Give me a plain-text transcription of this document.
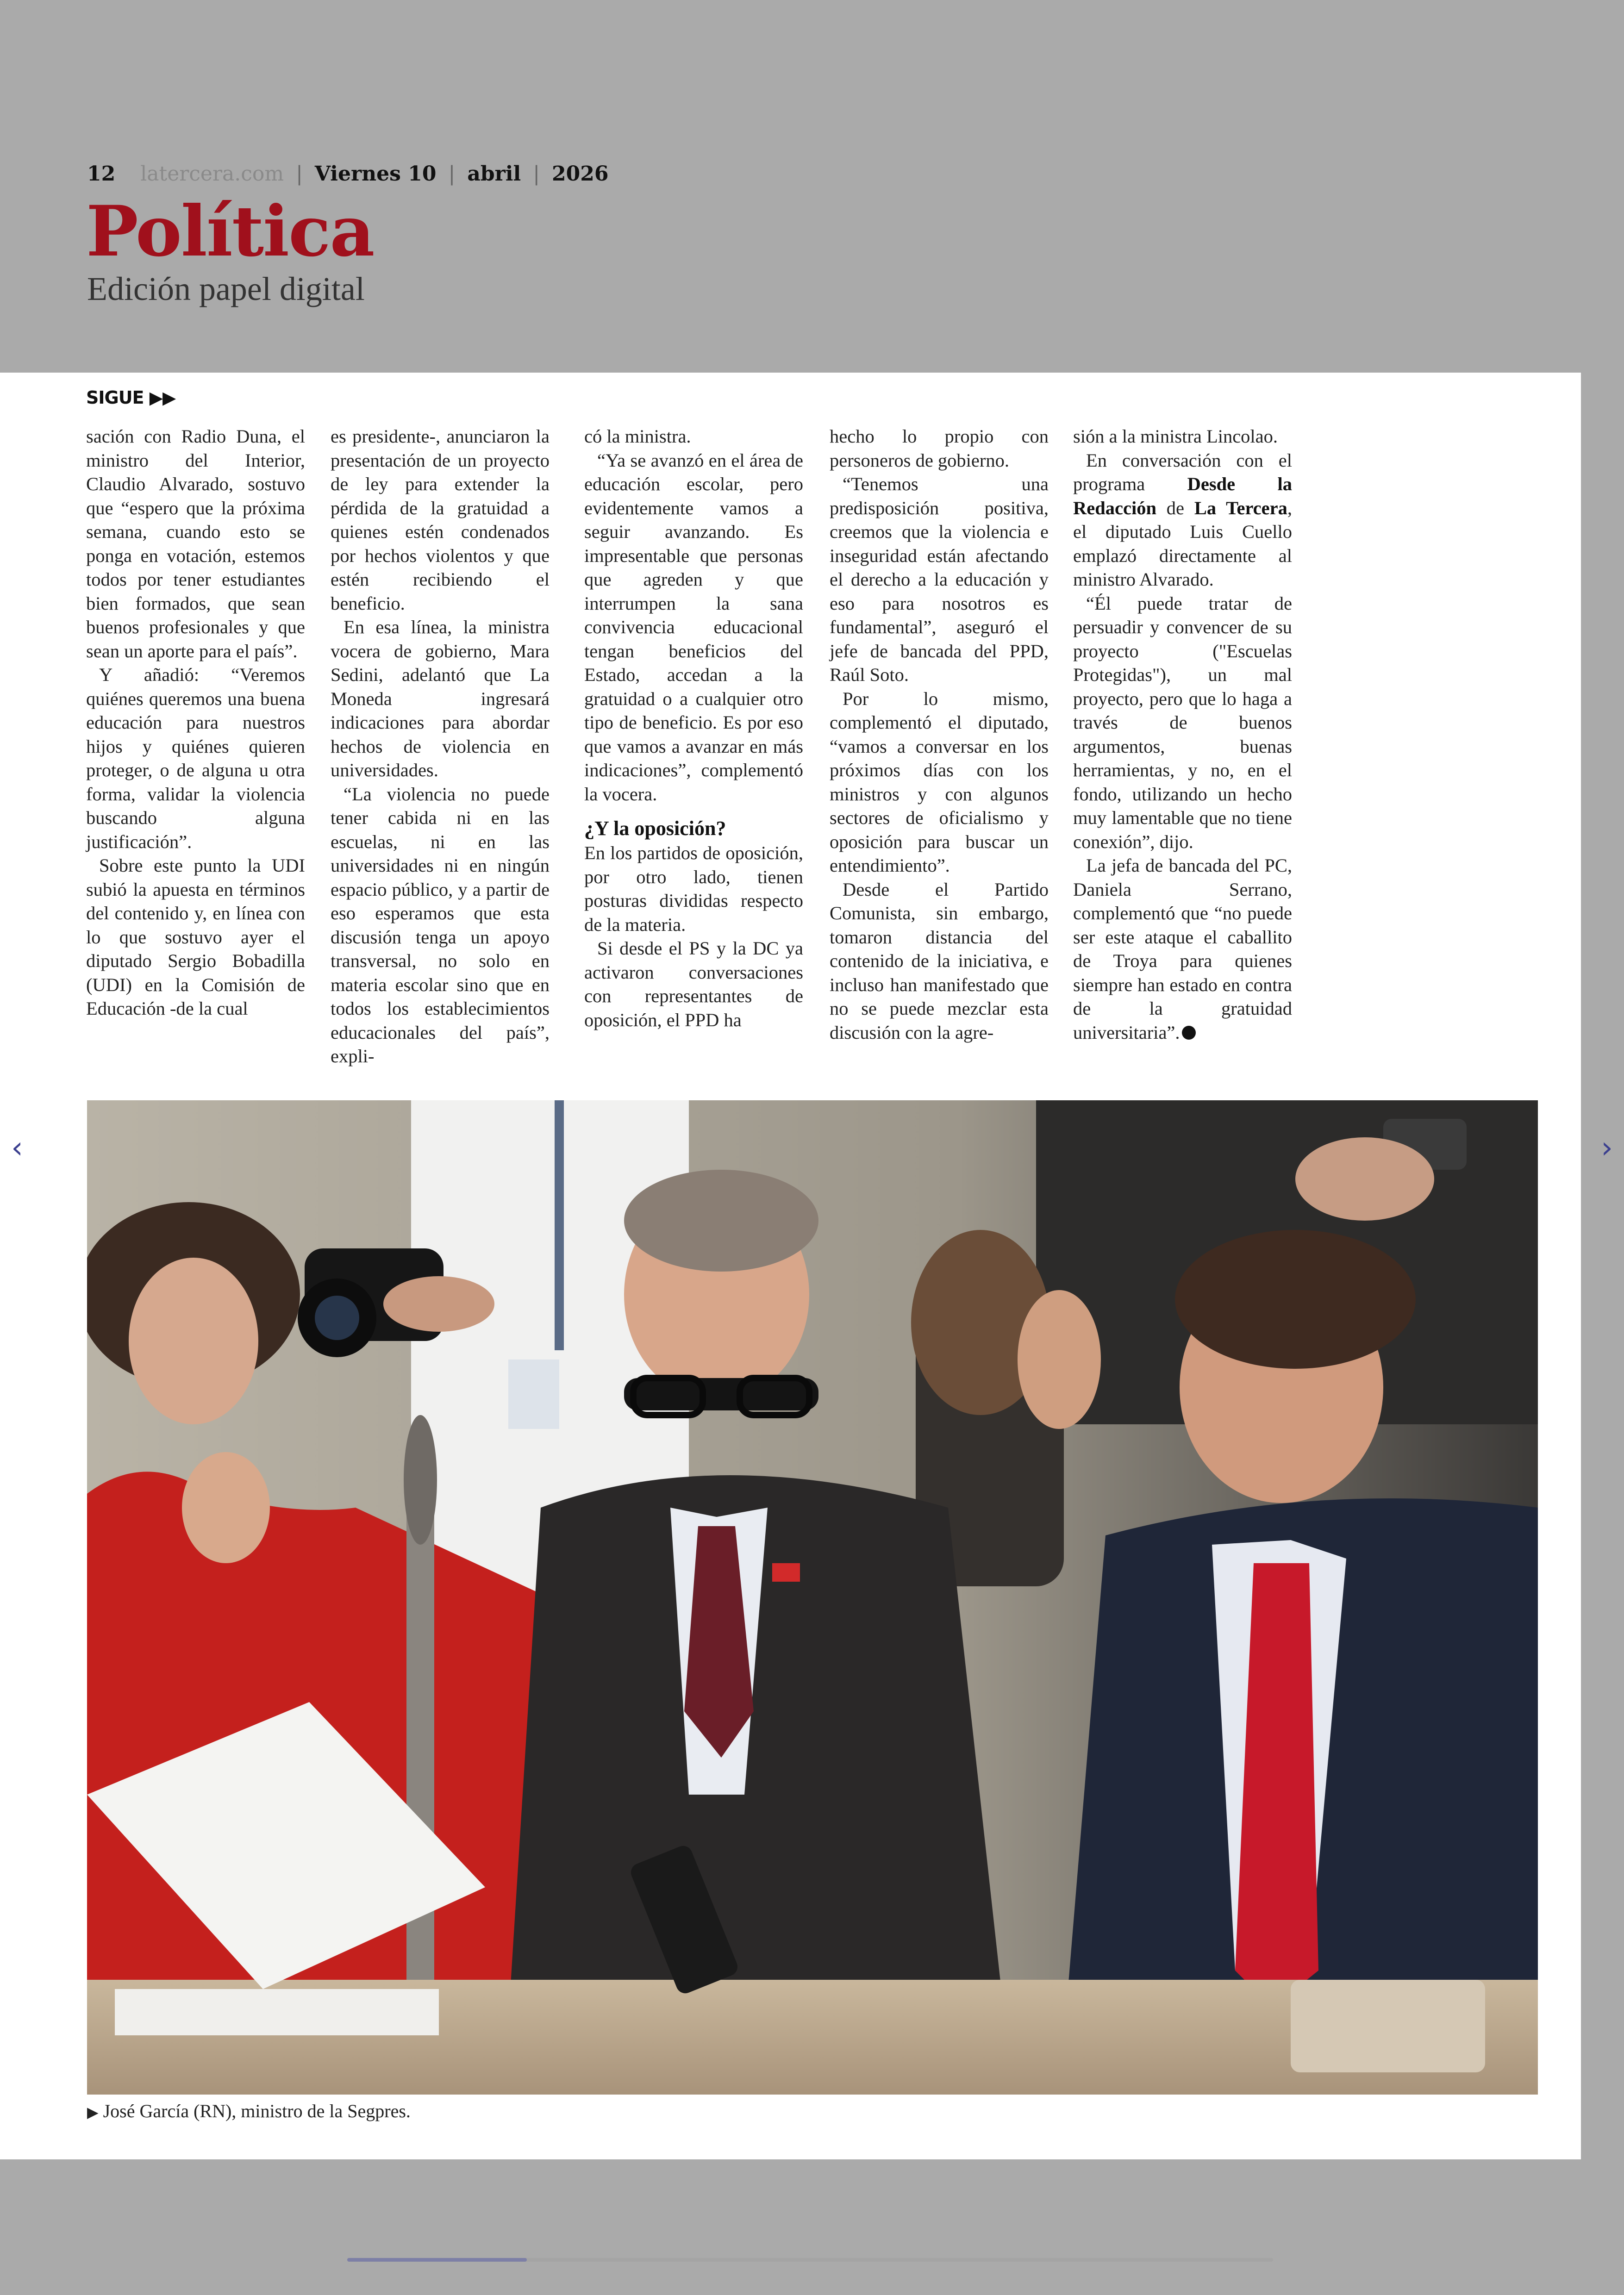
12 latercera.com | Viernes 10 | abril | 2026
Política
Edición papel digital
SIGUE ▶▶

sación con Radio Duna, el ministro del Interior, Claudio Alvarado, sostuvo que “espero que la próxima semana, cuando esto se ponga en votación, estemos todos por tener estudiantes bien formados, que sean buenos profesionales y que sean un aporte para el país”.

Y añadió: “Veremos quiénes queremos una buena educación para nuestros hijos y quiénes quieren proteger, o de alguna u otra forma, validar la violencia buscando alguna justificación”.

Sobre este punto la UDI subió la apuesta en términos del contenido y, en línea con lo que sostuvo ayer el diputado Sergio Bobadilla (UDI) en la Comisión de Educación -de la cual

es presidente-, anunciaron la presentación de un proyecto de ley para extender la pérdida de la gratuidad a quienes estén condenados por hechos violentos y que estén recibiendo el beneficio.

En esa línea, la ministra vocera de gobierno, Mara Sedini, adelantó que La Moneda ingresará indicaciones para abordar hechos de violencia en universidades.

“La violencia no puede tener cabida ni en las escuelas, ni en las universidades ni en ningún espacio público, y a partir de eso esperamos que esta discusión tenga un apoyo transversal, no solo en materia escolar sino que en todos los establecimientos educacionales del país”, expli-

có la ministra.

“Ya se avanzó en el área de educación escolar, pero evidentemente vamos a seguir avanzando. Es impresentable que personas que agreden y que interrumpen la sana convivencia educacional tengan beneficios del Estado, accedan a la gratuidad o a cualquier otro tipo de beneficio. Es por eso que vamos a avanzar en más indicaciones”, complementó la vocera.

¿Y la oposición?

En los partidos de oposición, por otro lado, tienen posturas divididas respecto de la materia.

Si desde el PS y la DC ya activaron conversaciones con representantes de oposición, el PPD ha

hecho lo propio con personeros de gobierno.

“Tenemos una predisposición positiva, creemos que la violencia e inseguridad están afectando el derecho a la educación y eso para nosotros es fundamental”, aseguró el jefe de bancada del PPD, Raúl Soto.

Por lo mismo, complementó el diputado, “vamos a conversar en los próximos días con los ministros y con algunos sectores de oficialismo y oposición para buscar un entendimiento”.

Desde el Partido Comunista, sin embargo, tomaron distancia del contenido de la iniciativa, e incluso han manifestado que no se puede mezclar esta discusión con la agre-

sión a la ministra Lincolao.

En conversación con el programa Desde la Redacción de La Tercera, el diputado Luis Cuello emplazó directamente al ministro Alvarado.

“Él puede tratar de persuadir y convencer de su proyecto ("Escuelas Protegidas"), un mal proyecto, pero que lo haga a través de buenos argumentos, buenas herramientas, y no, en el fondo, utilizando un hecho muy lamentable que no tiene conexión”, dijo.

La jefa de bancada del PC, Daniela Serrano, complementó que “no puede ser este ataque el caballito de Troya para quienes siempre han estado en contra de la gratuidad universitaria”.

▶ José García (RN), ministro de la Segpres.
‹	›
